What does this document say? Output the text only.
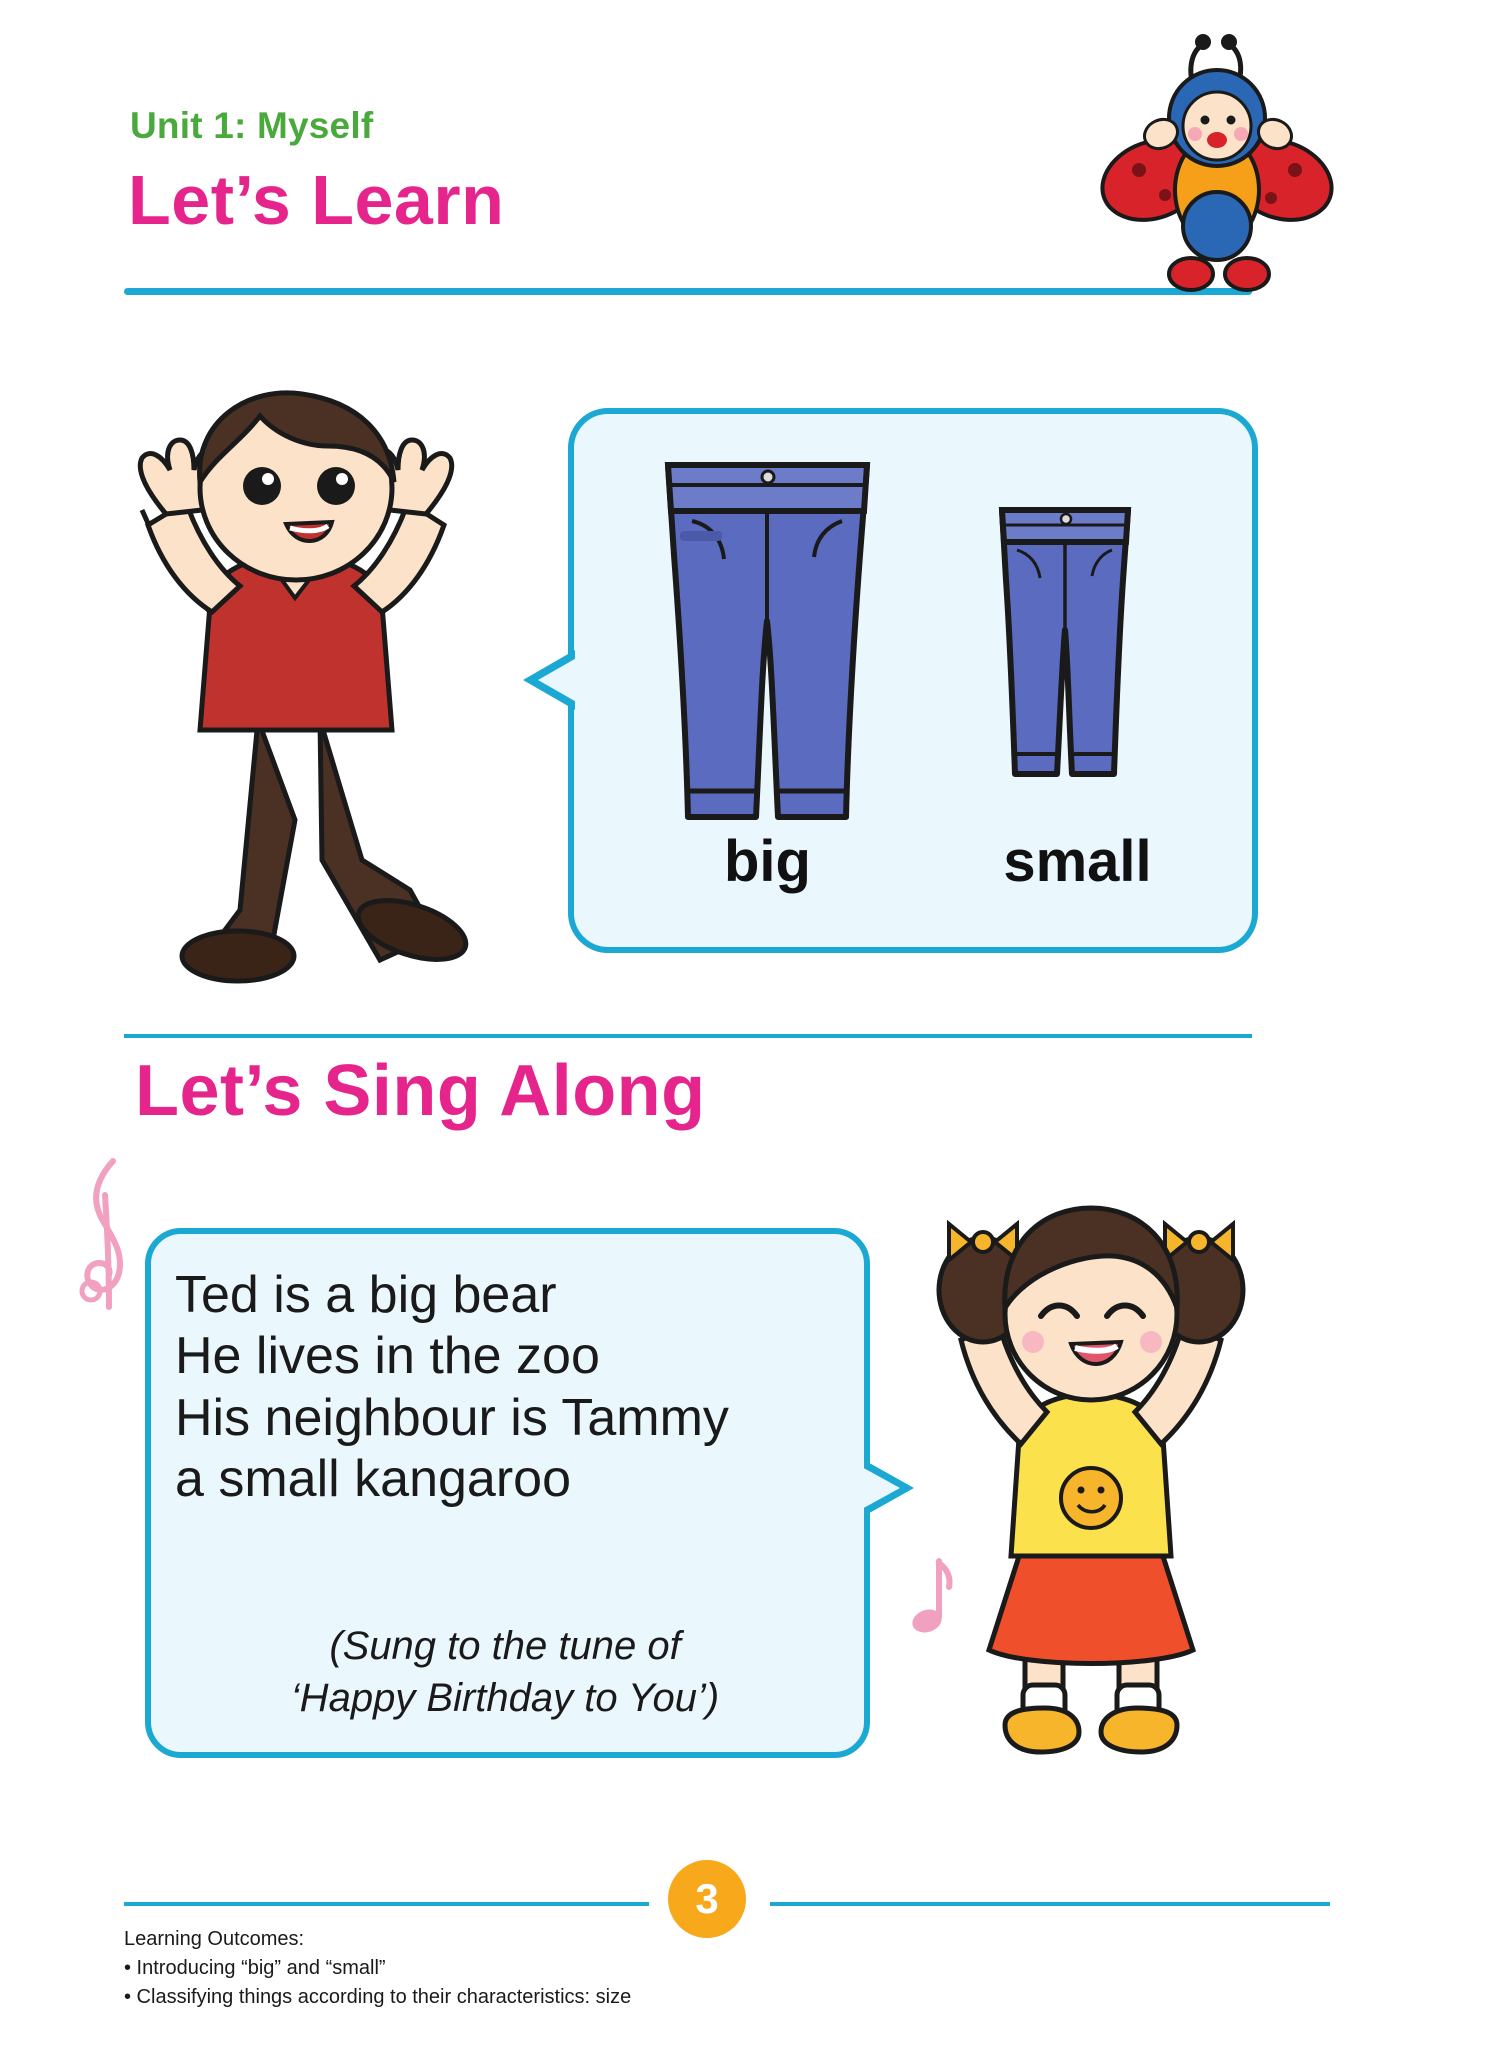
Unit 1: Myself
Let’s Learn
big	small
Let’s Sing Along
Ted is a big bear
He lives in the zoo
His neighbour is Tammy
a small kangaroo
(Sung to the tune of
‘Happy Birthday to You’)
3
Learning Outcomes:
• Introducing “big” and “small”
• Classifying things according to their characteristics: size
